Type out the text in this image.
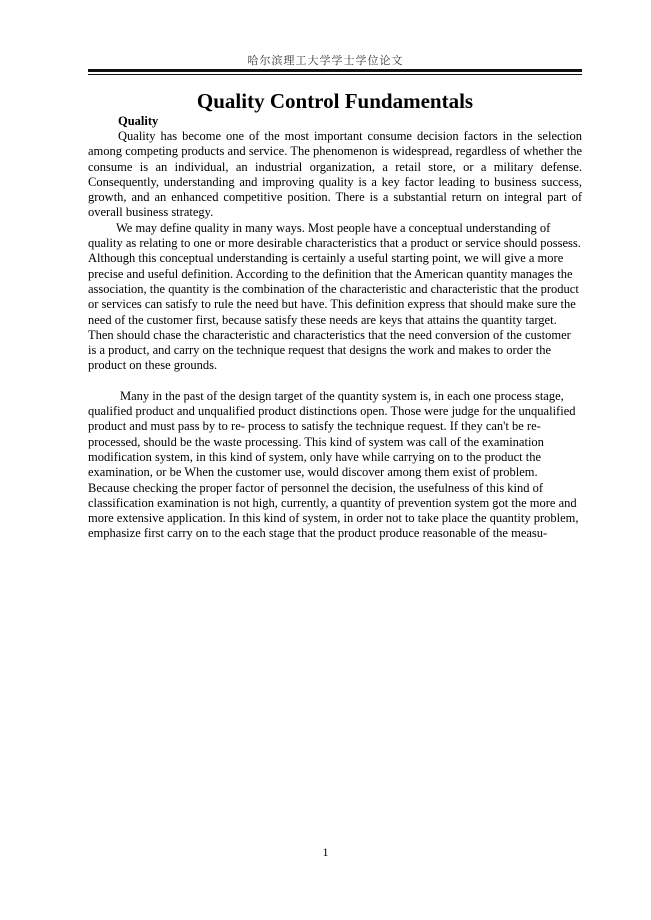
哈尔滨理工大学学士学位论文
Quality Control Fundamentals
Quality

Quality has become one of the most important consume decision factors in the selection among competing products and service. The phenomenon is widespread, regardless of whether the consume is an individual, an industrial organization, a retail store, or a military defense. Consequently, understanding and improving quality is a key factor leading to business success, growth, and an enhanced competitive position. There is a substantial return on integral part of overall business strategy.

We may define quality in many ways. Most people have a conceptual understanding of quality as relating to one or more desirable characteristics that a product or service should possess. Although this conceptual understanding is certainly a useful starting point, we will give a more precise and useful definition. According to the definition that the American quantity manages the association, the quantity is the combination of the characteristic and characteristic that the product or services can satisfy to rule the need but have. This definition express that should make sure the need of the customer first, because satisfy these needs are keys that attains the quantity target. Then should chase the characteristic and characteristics that the need conversion of the customer is a product, and carry on the technique request that designs the work and makes to order the product on these grounds.

Many in the past of the design target of the quantity system is, in each one process stage, qualified product and unqualified product distinctions open. Those were judge for the unqualified product and must pass by to re- process to satisfy the technique request. If they can't be re- processed, should be the waste processing. This kind of system was call of the examination modification system, in this kind of system, only have while carrying on to the product the examination, or be When the customer use, would discover among them exist of problem. Because checking the proper factor of personnel the decision, the usefulness of this kind of classification examination is not high, currently, a quantity of prevention system got the more and more extensive application. In this kind of system, in order not to take place the quantity problem, emphasize first carry on to the each stage that the product produce reasonable of the measu-

1
